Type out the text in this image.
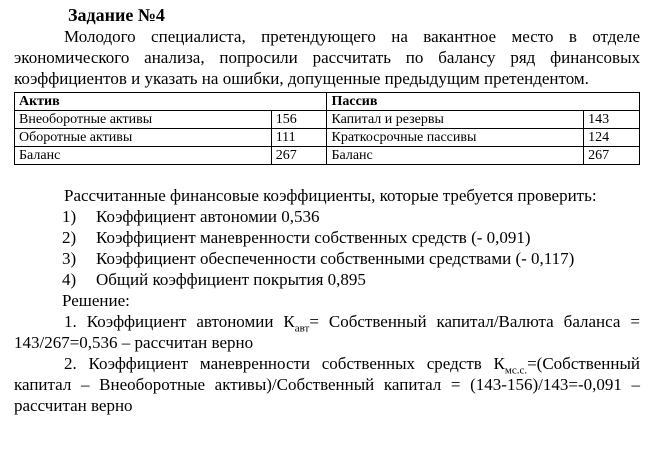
Задание №4

Молодого специалиста, претендующего на вакантное место в отделе экономического анализа, попросили рассчитать по балансу ряд финансовых коэффициентов и указать на ошибки, допущенные предыдущим претендентом.

Актив		Пассив	
Внеоборотные активы	156	Капитал и резервы	143
Оборотные активы	111	Краткосрочные пассивы	124
Баланс	267	Баланс	267

Рассчитанные финансовые коэффициенты, которые требуется проверить:

1)	Коэффициент автономии 0,536
2)	Коэффициент маневренности собственных средств (- 0,091)
3)	Коэффициент обеспеченности собственными средствами (- 0,117)
4)	Общий коэффициент покрытия 0,895

Решение:

1. Коэффициент автономии $К_{авт}=$ Собственный капитал/Валюта баланса = 143/267=0,536 – рассчитан верно

2. Коэффициент маневренности собственных средств $К_{мс.с.}=(Собственный$ капитал – Внеоборотные активы)/Собственный капитал = (143-156)/143=-0,091 – рассчитан верно
